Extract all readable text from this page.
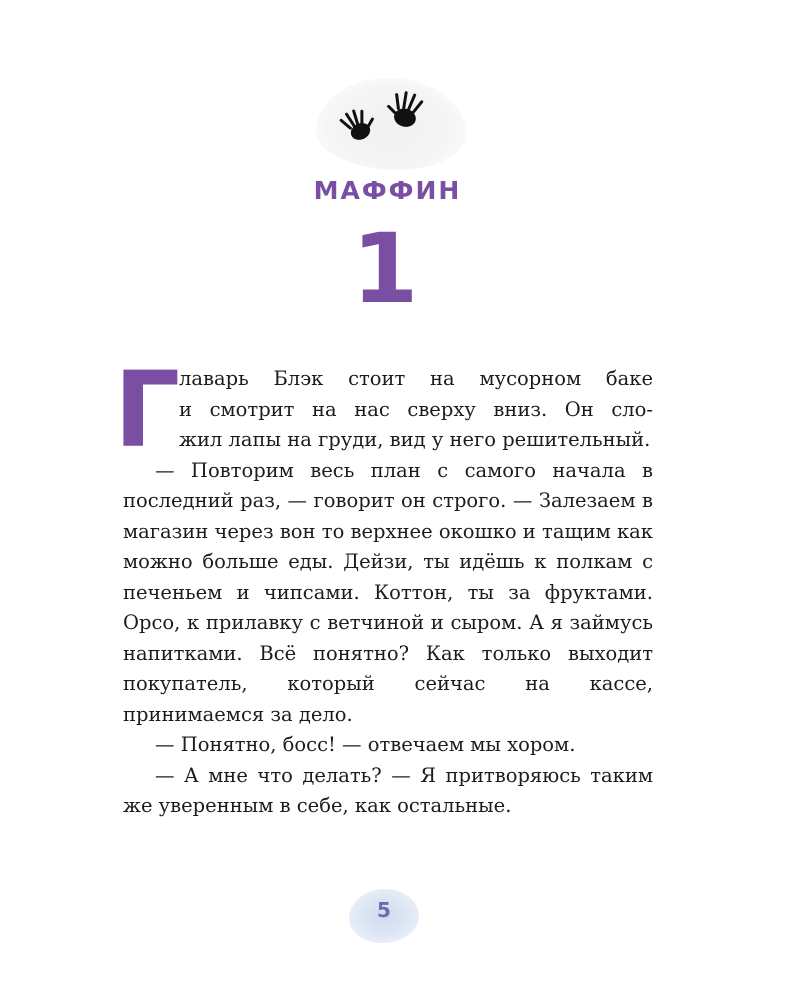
МАФФИН
1
Г

лаварь Блэк стоит на мусорном баке

и смотрит на нас сверху вниз. Он сло-

жил лапы на груди, вид у него решительный.

— Повторим весь план с самого начала в последний раз, — говорит он строго. — Залезаем в магазин через вон то верхнее окошко и тащим как можно больше еды. Дейзи, ты идёшь к полкам с печеньем и чипсами. Коттон, ты за фруктами. Орсо, к прилавку с ветчиной и сыром. А я займусь напитками. Всё понятно? Как только выходит покупатель, который сейчас на кассе, принимаемся за дело.

— Понятно, босс! — отвечаем мы хором.

— А мне что делать? — Я притворяюсь таким же уверенным в себе, как остальные.

5
